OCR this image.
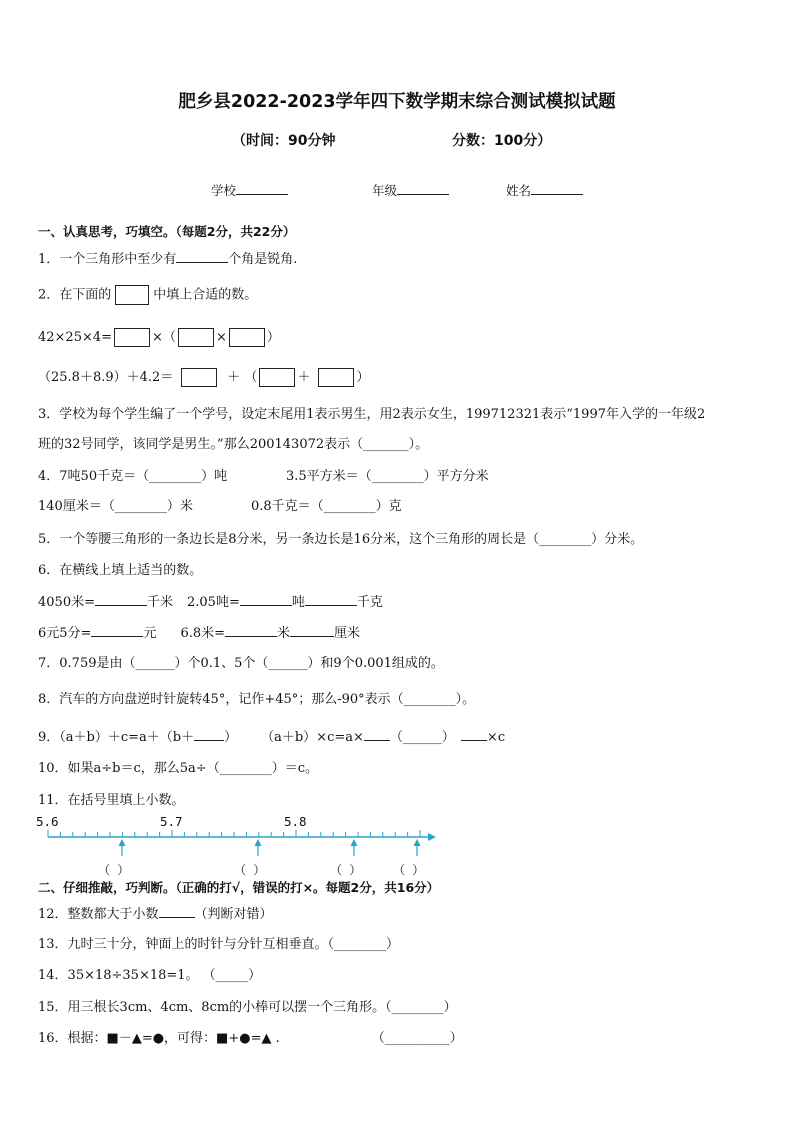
肥乡县2022-2023学年四下数学期末综合测试模拟试题
（时间：90分钟	分数：100分）
学校	年级	姓名
一、认真思考，巧填空。（每题2分，共22分）
1．一个三角形中至少有	个角是锐角.
2．在下面的	中填上合适的数。
42×25×4=	×（	×	）
（25.8＋8.9）＋4.2＝	＋ （	＋	）
3．学校为每个学生编了一个学号，设定末尾用1表示男生，用2表示女生，199712321表示“1997年入学的一年级2
班的32号同学，该同学是男生。”那么200143072表示（_______）。
4．7吨50千克＝（________）吨	3.5平方米＝（________）平方分米
140厘米＝（________）米	0.8千克＝（________）克
5．一个等腰三角形的一条边长是8分米，另一条边长是16分米，这个三角形的周长是（________）分米。
6．在横线上填上适当的数。
4050米=	千米 2.05吨=	吨	千克
6元5分=	元 6.8米=	米	厘米
7．0.759是由（______）个0.1、5个（______）和9个0.001组成的。
8．汽车的方向盘逆时针旋转45°，记作+45°；那么-90°表示（________）。
9．（a＋b）＋c=a＋（b＋ ） （a＋b）×c=a× （______） ×c
10．如果a÷b＝c，那么5a÷（________）＝c。
11．在括号里填上小数。
5.6	5.7	5.8
（ ）	（ ）	（ ）	（ ）
二、仔细推敲，巧判断。（正确的打√，错误的打×。每题2分，共16分）
12．整数都大于小数	（判断对错）
13．九时三十分，钟面上的时针与分针互相垂直。（________）
14．35×18÷35×18=1。 （_____）
15．用三根长3cm、4cm、8cm的小棒可以摆一个三角形。（________）
16．根据：■－▲=●，可得：■+●=▲ .	（__________）
